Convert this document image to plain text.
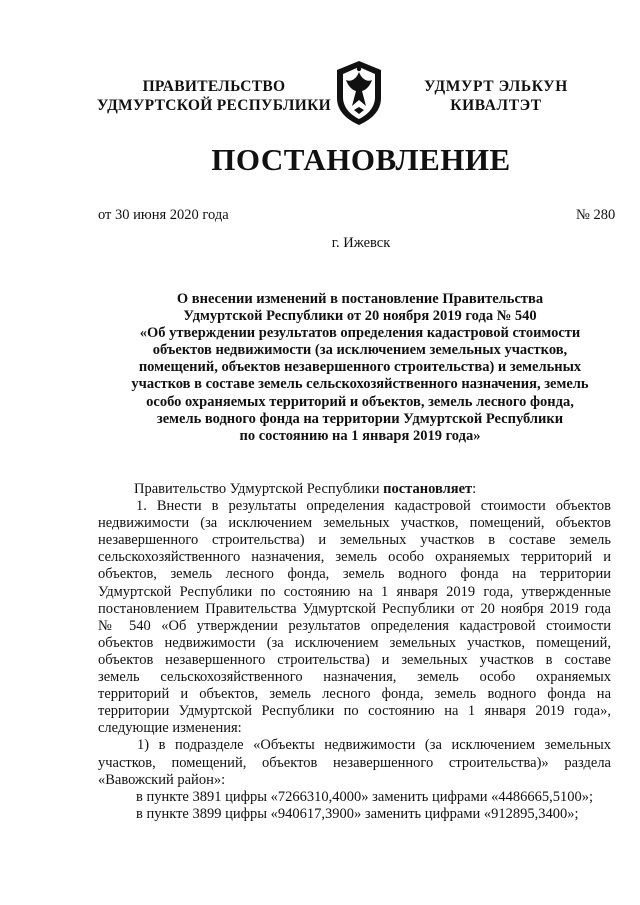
ПРАВИТЕЛЬСТВО
УДМУРТСКОЙ РЕСПУБЛИКИ
УДМУРТ ЭЛЬКУН
КИВАЛТЭТ
ПОСТАНОВЛЕНИЕ
от 30 июня 2020 года	№ 280
г. Ижевск
О внесении изменений в постановление Правительства
Удмуртской Республики от 20 ноября 2019 года № 540
«Об утверждении результатов определения кадастровой стоимости
объектов недвижимости (за исключением земельных участков,
помещений, объектов незавершенного строительства) и земельных
участков в составе земель сельскохозяйственного назначения, земель
особо охраняемых территорий и объектов, земель лесного фонда,
земель водного фонда на территории Удмуртской Республики
по состоянию на 1 января 2019 года»
Правительство Удмуртской Республики постановляет:
1. Внести в результаты определения кадастровой стоимости объектов
недвижимости (за исключением земельных участков, помещений, объектов
незавершенного строительства) и земельных участков в составе земель
сельскохозяйственного назначения, земель особо охраняемых территорий и
объектов, земель лесного фонда, земель водного фонда на территории
Удмуртской Республики по состоянию на 1 января 2019 года, утвержденные
постановлением Правительства Удмуртской Республики от 20 ноября 2019 года
№ 540 «Об утверждении результатов определения кадастровой стоимости
объектов недвижимости (за исключением земельных участков, помещений,
объектов незавершенного строительства) и земельных участков в составе
земель сельскохозяйственного назначения, земель особо охраняемых
территорий и объектов, земель лесного фонда, земель водного фонда на
территории Удмуртской Республики по состоянию на 1 января 2019 года»,
следующие изменения:
1) в подразделе «Объекты недвижимости (за исключением земельных
участков, помещений, объектов незавершенного строительства)» раздела
«Вавожский район»:
в пункте 3891 цифры «7266310,4000» заменить цифрами «4486665,5100»;
в пункте 3899 цифры «940617,3900» заменить цифрами «912895,3400»;
